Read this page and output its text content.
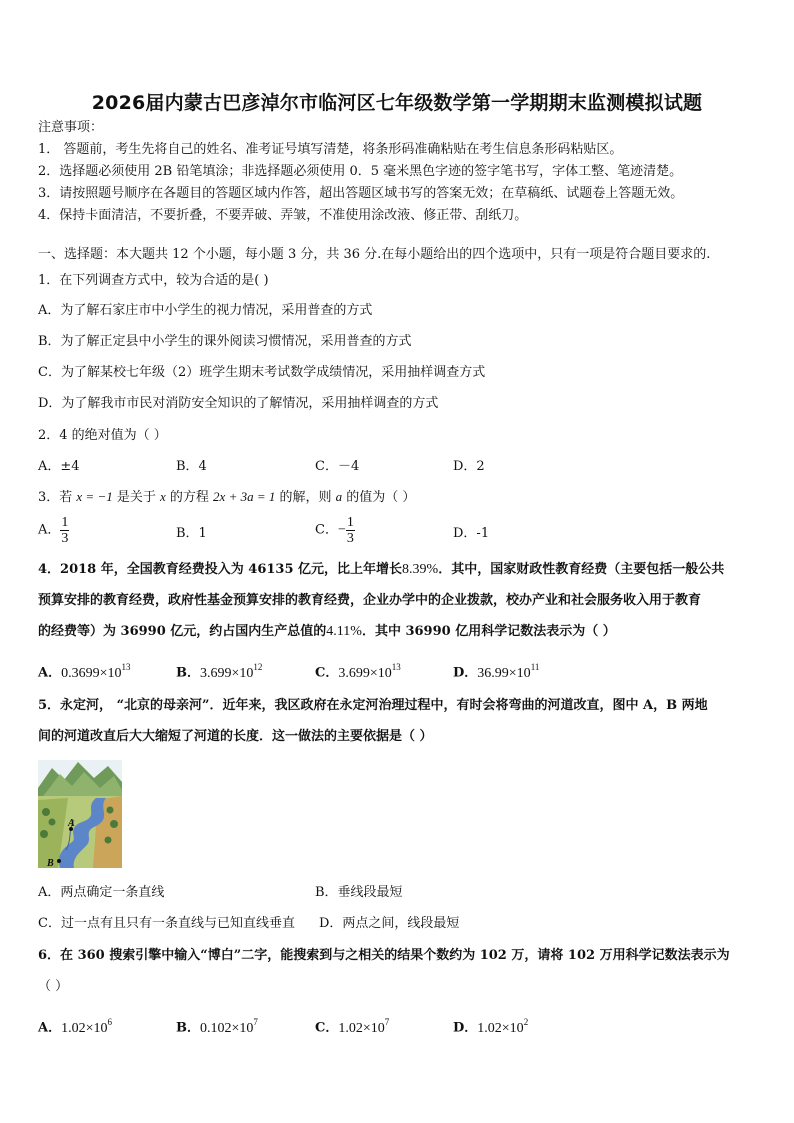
2026届内蒙古巴彦淖尔市临河区七年级数学第一学期期末监测模拟试题
注意事项：
1． 答题前，考生先将自己的姓名、准考证号填写清楚，将条形码准确粘贴在考生信息条形码粘贴区。
2．选择题必须使用 2B 铅笔填涂；非选择题必须使用 0．5 毫米黑色字迹的签字笔书写，字体工整、笔迹清楚。
3．请按照题号顺序在各题目的答题区域内作答，超出答题区域书写的答案无效；在草稿纸、试题卷上答题无效。
4．保持卡面清洁，不要折叠，不要弄破、弄皱，不准使用涂改液、修正带、刮纸刀。
一、选择题：本大题共 12 个小题，每小题 3 分，共 36 分.在每小题给出的四个选项中，只有一项是符合题目要求的.
1．在下列调查方式中，较为合适的是( )
A．为了解石家庄市中小学生的视力情况，采用普查的方式
B．为了解正定县中小学生的课外阅读习惯情况，采用普查的方式
C．为了解某校七年级（2）班学生期末考试数学成绩情况，采用抽样调查方式
D．为了解我市市民对消防安全知识的了解情况，采用抽样调查的方式
2．4 的绝对值为（ ）
A．±4	B．4	C．－4	D．2
3．若 x = −1 是关于 x 的方程 2x + 3a = 1 的解，则 a 的值为（ ）
A． $\frac{1}{3}$	B．1	C．− $\frac{1}{3}$	D．-1
4．2018 年，全国教育经费投入为 46135 亿元，比上年增长8.39%．其中，国家财政性教育经费（主要包括一般公共
预算安排的教育经费，政府性基金预算安排的教育经费，企业办学中的企业拨款，校办产业和社会服务收入用于教育
的经费等）为 36990 亿元，约占国内生产总值的4.11%．其中 36990 亿用科学记数法表示为（ ）
A．$0.3699\times 10^{13}$	B．$3.699\times 10^{12}$	C．$3.699\times 10^{13}$	D．$36.99\times 10^{11}$
5．永定河， “北京的母亲河”．近年来，我区政府在永定河治理过程中，有时会将弯曲的河道改直，图中 A，B 两地
间的河道改直后大大缩短了河道的长度．这一做法的主要依据是（ ）
A
B
A．两点确定一条直线	B．垂线段最短
C．过一点有且只有一条直线与已知直线垂直 D．两点之间，线段最短
6．在 360 搜索引擎中输入“博白”二字，能搜索到与之相关的结果个数约为 102 万，请将 102 万用科学记数法表示为
（ ）
A．$1.02\times 10^6$	B．$0.102\times 10^7$	C．$1.02\times 10^7$	D．$1.02\times 10^2$
